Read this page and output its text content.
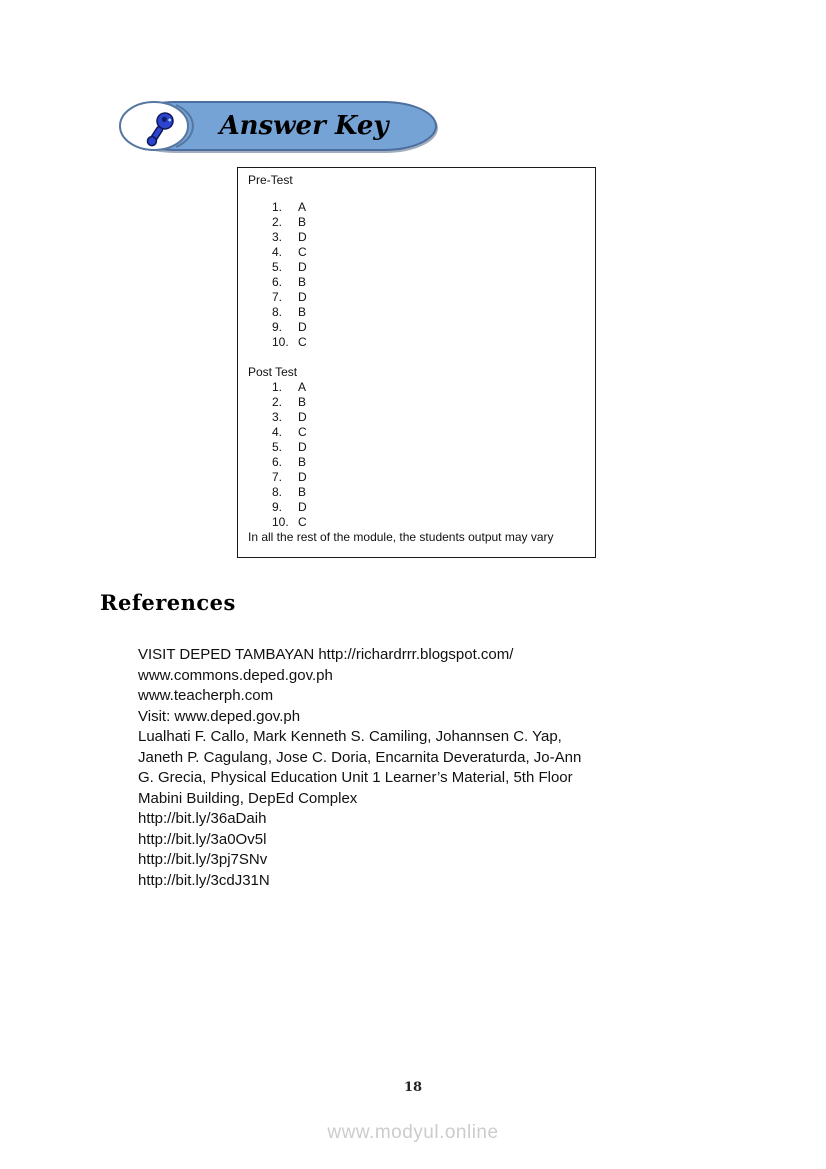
Answer Key
Pre-Test
1.	A
2.	B
3.	D
4.	C
5.	D
6.	B
7.	D
8.	B
9.	D
10. C
Post Test
1.	A
2.	B
3.	D
4.	C
5.	D
6.	B
7.	D
8.	B
9.	D
10. C
In all the rest of the module, the students output may vary
References
VISIT DEPED TAMBAYAN http://richardrrr.blogspot.com/
www.commons.deped.gov.ph
www.teacherph.com
Visit: www.deped.gov.ph
Lualhati F. Callo, Mark Kenneth S. Camiling, Johannsen C. Yap,
Janeth P. Cagulang, Jose C. Doria, Encarnita Deveraturda, Jo-Ann
G. Grecia, Physical Education Unit 1 Learner’s Material, 5th Floor
Mabini Building, DepEd Complex
http://bit.ly/36aDaih
http://bit.ly/3a0Ov5l
http://bit.ly/3pj7SNv
http://bit.ly/3cdJ31N
18
www.modyul.online
